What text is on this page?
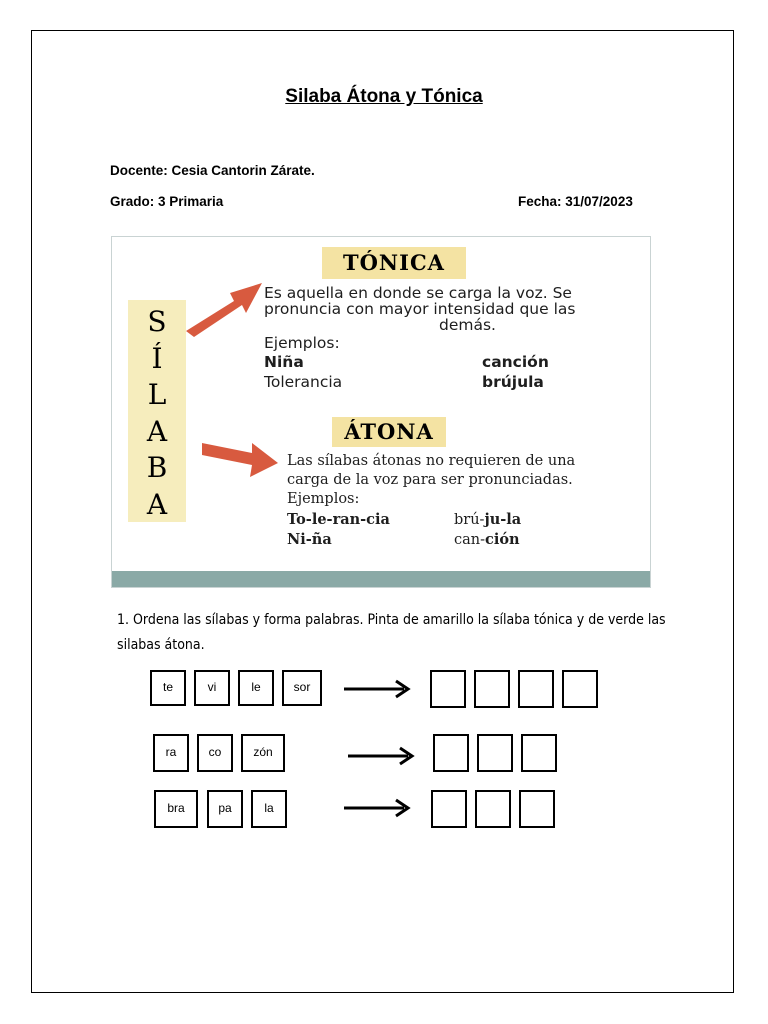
Silaba Átona y Tónica
Docente: Cesia Cantorin Zárate.
Grado: 3 Primaria	Fecha: 31/07/2023
S
Í
L
A
B
A
TÓNICA
Es aquella en donde se carga la voz. Se
pronuncia con mayor intensidad que las
demás.
Ejemplos:
Niña	canción
Tolerancia	brújula
ÁTONA
Las sílabas átonas no requieren de una
carga de la voz para ser pronunciadas.
Ejemplos:
To-le-ran-cia	brú-ju-la
Ni-ña	can-ción
1. Ordena las sílabas y forma palabras. Pinta de amarillo la sílaba tónica y de verde las
silabas átona.
te	vi	le	sor
ra	co	zón
bra	pa	la
